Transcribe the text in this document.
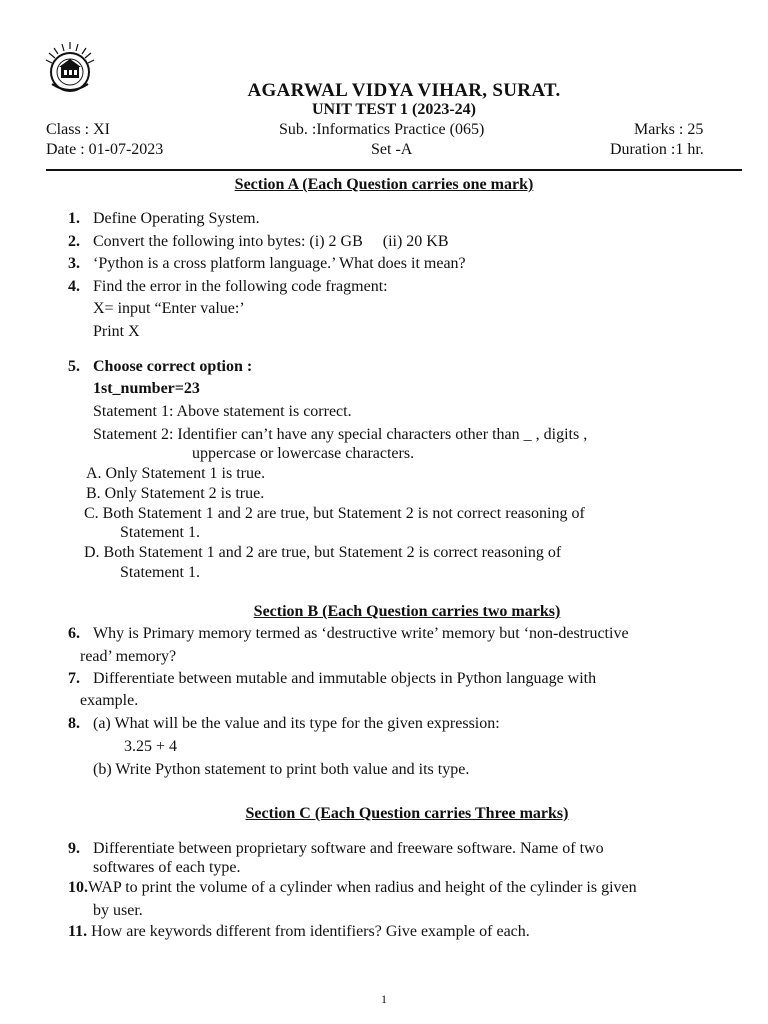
AGARWAL VIDYA VIHAR, SURAT.
UNIT TEST 1 (2023-24)
Class : XI	Sub. :Informatics Practice (065)	Marks : 25
Date : 01-07-2023	Set -A	Duration :1 hr.
Section A (Each Question carries one mark)
1. Define Operating System.
2. Convert the following into bytes: (i) 2 GB     (ii) 20 KB
3. ‘Python is a cross platform language.’ What does it mean?
4. Find the error in the following code fragment:
X= input “Enter value:’
Print X
5. Choose correct option :
1st_number=23
Statement 1: Above statement is correct.
Statement 2: Identifier can’t have any special characters other than _ , digits ,
uppercase or lowercase characters.
A. Only Statement 1 is true.
B. Only Statement 2 is true.
C. Both Statement 1 and 2 are true, but Statement 2 is not correct reasoning of
Statement 1.
D. Both Statement 1 and 2 are true, but Statement 2 is correct reasoning of
Statement 1.
Section B (Each Question carries two marks)
6. Why is Primary memory termed as ‘destructive write’ memory but ‘non-destructive
read’ memory?
7. Differentiate between mutable and immutable objects in Python language with
example.
8. (a) What will be the value and its type for the given expression:
3.25 + 4
(b) Write Python statement to print both value and its type.
Section C (Each Question carries Three marks)
9. Differentiate between proprietary software and freeware software. Name of two
softwares of each type.
10.WAP to print the volume of a cylinder when radius and height of the cylinder is given
by user.
11. How are keywords different from identifiers? Give example of each.
1
